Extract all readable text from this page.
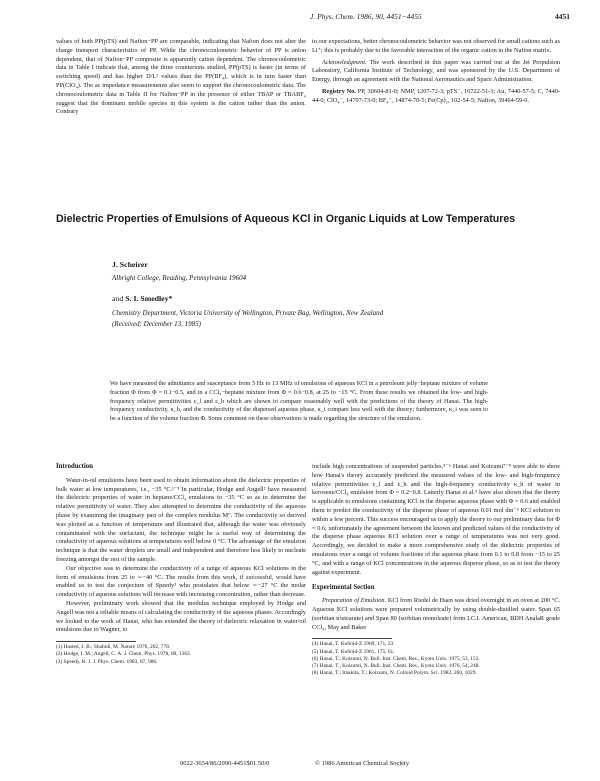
J. Phys. Chem. 1986, 90, 4451−4455	4451

values of both PP(pTS) and Nafion−PP are comparable, indicating that Nafion does not alter the charge transport characteristics of PP. While the chronocoulometric behavior of PP is anion dependent, that of Nafion−PP composite is apparently cation dependent. The chronocoulometric data in Table I indicate that, among the three counterions studied, PP(pTS) is faster (in terms of switching speed) and has higher D/L² values than the PP(BF₄), which is in turn faster than PP(ClO₄). The ac impedance measurements also seem to support the chronocoulometric data. The chronocoulometric data in Table II for Nafion−PP in the presence of either TBAP or TBABF₄ suggest that the dominant mobile species in this system is the cation rather than the anion. Contrary

to our expectations, better chronocoulometric behavior was not observed for small cations such as Li⁺; this is probably due to the favorable interaction of the organic cation in the Nafion matrix.

Acknowledgment. The work described in this paper was carried out at the Jet Propulsion Laboratory, California Institute of Technology, and was sponsored by the U.S. Department of Energy, through an agreement with the National Aeronautics and Space Administration.

Registry No. PP, 30604-81-0; NMP, 1207-72-3; pTS⁻, 16722-51-3; Au, 7440-57-5; C, 7440-44-0; ClO₄⁻, 14797-73-0; BF₄⁻, 14874-70-5; Fe(Cp)₂, 102-54-5; Nafion, 39464-59-0.

Dielectric Properties of Emulsions of Aqueous KCl in Organic Liquids at Low Temperatures
J. Scheirer
Albright College, Reading, Pennsylvania 19604
and S. I. Smedley*
Chemistry Department, Victoria University of Wellington, Private Bag, Wellington, New Zealand
(Received: December 13, 1985)
We have measured the admittance and susceptance from 5 Hz to 13 MHz of emulsions of aqueous KCl in a petroleum jelly−heptane mixture of volume fraction Φ from Φ = 0.1−0.5, and in a CCl₄−heptane mixture from Φ = 0.6−0.8, at 25 to −15 °C. From these results we obtained the low- and high-frequency relative permittivities ε_l and ε_h which are shown to compare reasonably well with the predictions of the theory of Hanai. The high-frequency conductivity, κ_h, and the conductivity of the dispersed aqueous phase, κ_i compare less well with the theory; furthermore, κ_i was seen to be a function of the volume fraction Φ. Some comment on these observations is made regarding the structure of the emulsion.
Introduction

Water-in-oil emulsions have been used to obtain information about the dielectric properties of bulk water at low temperatures, i.e., −35 °C.¹⁻³ In particular, Hodge and Angell² have measured the dielectric properties of water in heptane/CCl₄ emulsions to −35 °C so as to determine the relative permittivity of water. They also attempted to determine the conductivity of the aqueous phase by examining the imaginary part of the complex modulus M″. The conductivity so derived was plotted as a function of temperature and illustrated that, although the water was obviously contaminated with the surfactant, the technique might be a useful way of determining the conductivity of aqueous solutions at temperatures well below 0 °C. The advantage of the emulsion technique is that the water droplets are small and independent and therefore less likely to nucleate freezing amongst the rest of the sample.

Our objective was to determine the conductivity of a range of aqueous KCl solutions in the form of emulsions from 25 to ∼−40 °C. The results from this work, if successful, would have enabled us to test the conjecture of Speedy³ who postulates that below ∼−27 °C the molar conductivity of aqueous solutions will increase with increasing concentration, rather than decrease.

However, preliminary work showed that the modulus technique employed by Hodge and Angell was not a reliable means of calculating the conductivity of the aqueous phases. Accordingly we looked to the work of Hanai, who has extended the theory of dielectric relaxation in water/oil emulsions due to Wagner, to

(1) Hasted, J. B.; Shahidi, M. Nature 1976, 262, 778.
(2) Hodge, I. M.; Angell, C. A. J. Chem. Phys. 1978, 68, 1363.
(3) Speedy, R. J. J. Phys. Chem. 1983, 87, 986.

include high concentrations of suspended particles.⁴⁻⁶ Hanai and Koizumi⁷⁻⁸ were able to show how Hanai's theory accurately predicted the measured values of the low- and high-frequency relative permittivities ε_l and ε_h and the high-frequency conductivity κ_h of water in kerosene/CCl₄ emulsion from Φ = 0.2−0.8. Latterly Hanai et al.⁹ have also shown that the theory is applicable to emulsions containing KCl in the disperse aqueous phase with Φ = 0.6 and enabled them to predict the conductivity of the disperse phase of aqueous 0.01 mol dm⁻³ KCl solution to within a few percent. This success encouraged us to apply the theory to our preliminary data for Φ = 0.6; unfortunately the agreement between the known and predicted values of the conductivity of the disperse phase aqueous KCl solution over a range of temperatures was not very good. Accordingly, we decided to make a more comprehensive study of the dielectric properties of emulsions over a range of volume fractions of the aqueous phase from 0.1 to 0.8 from −15 to 25 °C, and with a range of KCl concentrations in the aqueous disperse phase, so as to test the theory against experiment.

Experimental Section

Preparation of Emulsion. KCl from Riedel de Haen was dried overnight in an oven at 200 °C. Aqueous KCl solutions were prepared volumetrically by using double-distilled water. Span 65 (sorbitan tristearate) and Span 80 (sorbitan monoleate) from I.C.I. American, BDH AnalaR grade CCl₄, May and Baker

(4) Hanai, T. Kolloid-Z 1960, 171, 23.
(5) Hanai, T. Kolloid-Z 1961, 175, 61.
(6) Hanai, T.; Koizumi, N. Bull. Inst. Chem. Res., Kyoto Univ. 1975, 53, 153.
(7) Hanai, T.; Koizumi, N. Bull. Inst. Chem. Res., Kyoto Univ. 1976, 54, 248.
(8) Hanai, T.; Imakita, T.; Koizumi, N. Colloid Polym. Sci. 1982, 260, 1029.
0022-3654/86/2090-4451$01.50/0	© 1986 American Chemical Society
